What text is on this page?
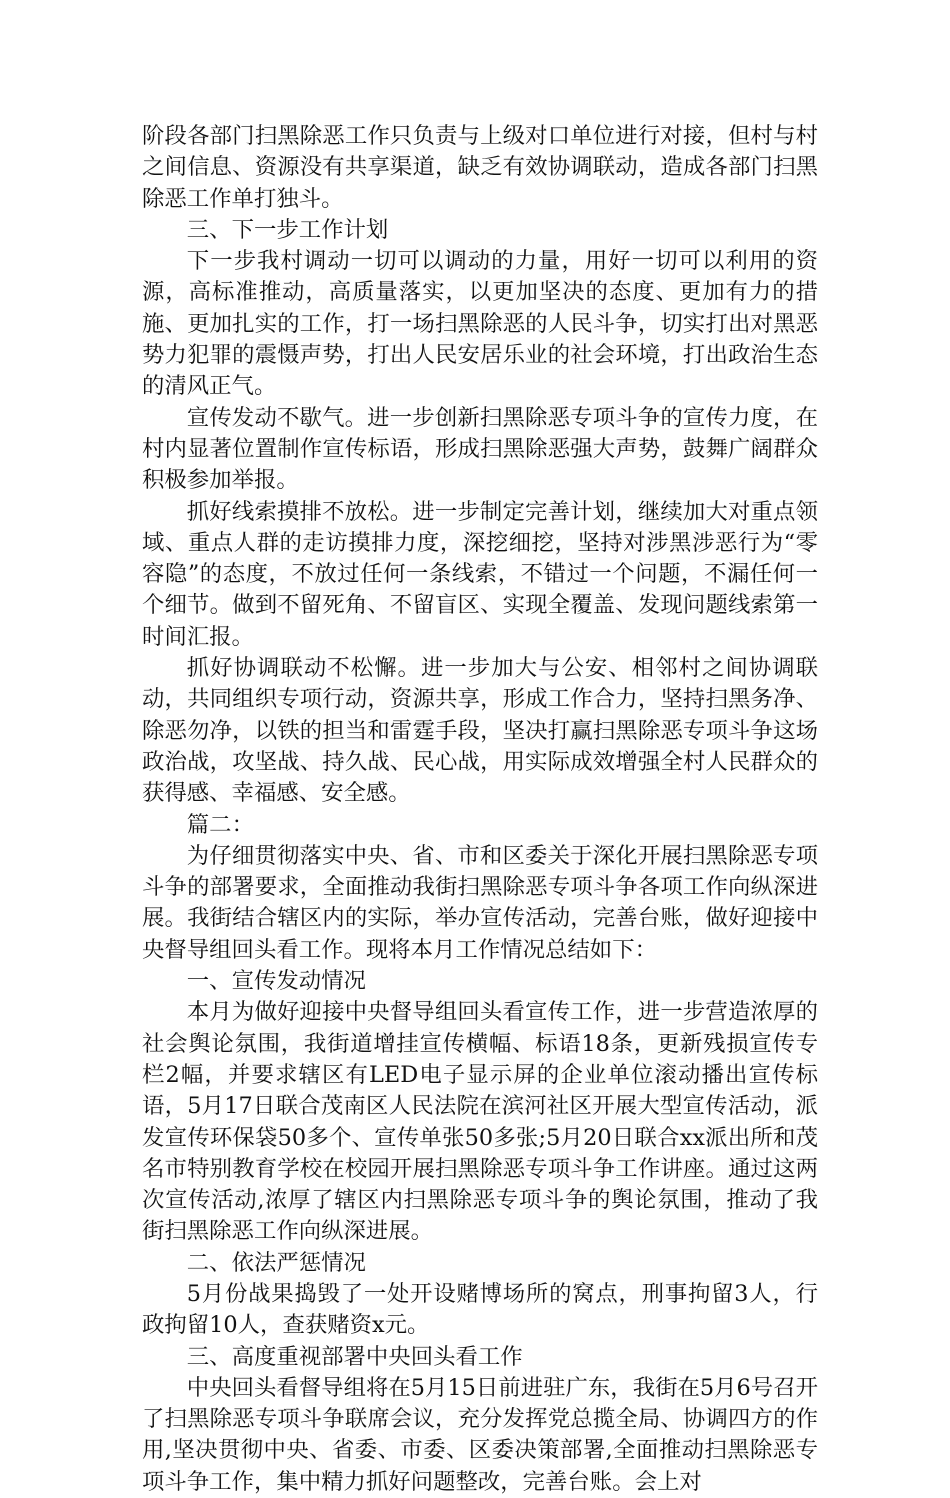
阶段各部门扫黑除恶工作只负责与上级对口单位进行对接，但村与村之间信息、资源没有共享渠道，缺乏有效协调联动，造成各部门扫黑除恶工作单打独斗。

三、下一步工作计划

下一步我村调动一切可以调动的力量，用好一切可以利用的资源，高标准推动，高质量落实，以更加坚决的态度、更加有力的措施、更加扎实的工作，打一场扫黑除恶的人民斗争，切实打出对黑恶势力犯罪的震慑声势，打出人民安居乐业的社会环境，打出政治生态的清风正气。

宣传发动不歇气。进一步创新扫黑除恶专项斗争的宣传力度，在村内显著位置制作宣传标语，形成扫黑除恶强大声势，鼓舞广阔群众积极参加举报。

抓好线索摸排不放松。进一步制定完善计划，继续加大对重点领域、重点人群的走访摸排力度，深挖细挖，坚持对涉黑涉恶行为“零容隐”的态度，不放过任何一条线索，不错过一个问题，不漏任何一个细节。做到不留死角、不留盲区、实现全覆盖、发现问题线索第一时间汇报。

抓好协调联动不松懈。进一步加大与公安、相邻村之间协调联动，共同组织专项行动，资源共享，形成工作合力，坚持扫黑务净、除恶勿净，以铁的担当和雷霆手段，坚决打赢扫黑除恶专项斗争这场政治战，攻坚战、持久战、民心战，用实际成效增强全村人民群众的获得感、幸福感、安全感。

篇二：

为仔细贯彻落实中央、省、市和区委关于深化开展扫黑除恶专项斗争的部署要求，全面推动我街扫黑除恶专项斗争各项工作向纵深进展。我街结合辖区内的实际，举办宣传活动，完善台账，做好迎接中央督导组回头看工作。现将本月工作情况总结如下：

一、宣传发动情况

本月为做好迎接中央督导组回头看宣传工作，进一步营造浓厚的社会舆论氛围，我街道增挂宣传横幅、标语18条，更新残损宣传专栏2幅，并要求辖区有LED电子显示屏的企业单位滚动播出宣传标语，5月17日联合茂南区人民法院在滨河社区开展大型宣传活动，派发宣传环保袋50多个、宣传单张50多张;5月20日联合xx派出所和茂名市特别教育学校在校园开展扫黑除恶专项斗争工作讲座。通过这两次宣传活动,浓厚了辖区内扫黑除恶专项斗争的舆论氛围，推动了我街扫黑除恶工作向纵深进展。

二、依法严惩情况

5月份战果捣毁了一处开设赌博场所的窝点，刑事拘留3人，行政拘留10人，查获赌资x元。

三、高度重视部署中央回头看工作

中央回头看督导组将在5月15日前进驻广东，我街在5月6号召开了扫黑除恶专项斗争联席会议，充分发挥党总揽全局、协调四方的作用,坚决贯彻中央、省委、市委、区委决策部署,全面推动扫黑除恶专项斗争工作，集中精力抓好问题整改，完善台账。会上对
